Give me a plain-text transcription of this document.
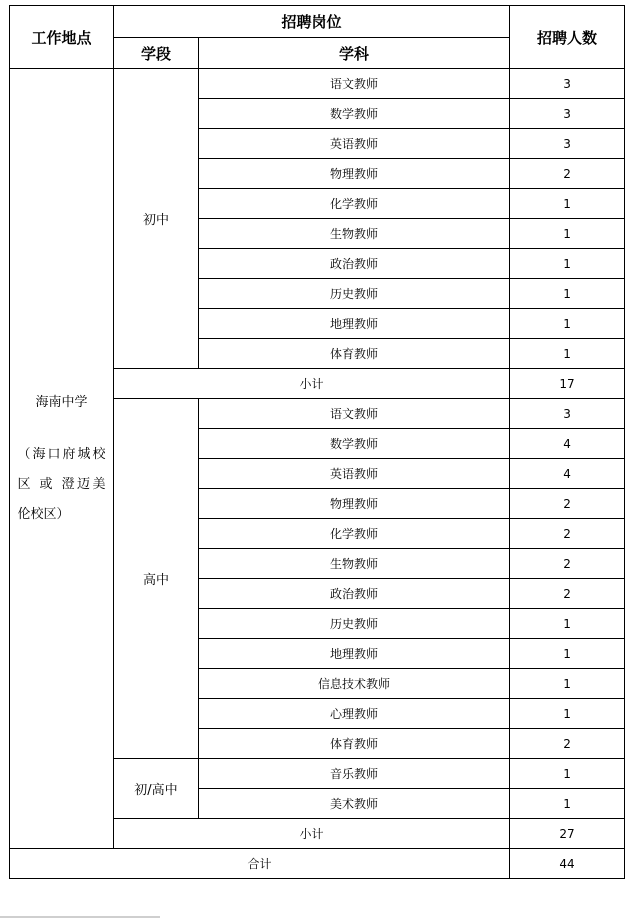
工作地点	招聘岗位		招聘人数
	学段	学科	

海南中学
（海口府城校
区 或 澄迈美
伦校区）	初中	语文教师	3
		数学教师	3
		英语教师	3
		物理教师	2
		化学教师	1
		生物教师	1
		政治教师	1
		历史教师	1
		地理教师	1
		体育教师	1
	小计		17
	高中	语文教师	3
		数学教师	4
		英语教师	4
		物理教师	2
		化学教师	2
		生物教师	2
		政治教师	2
		历史教师	1
		地理教师	1
		信息技术教师	1
		心理教师	1
		体育教师	2
	初/高中	音乐教师	1
		美术教师	1
	小计		27
合计			44
